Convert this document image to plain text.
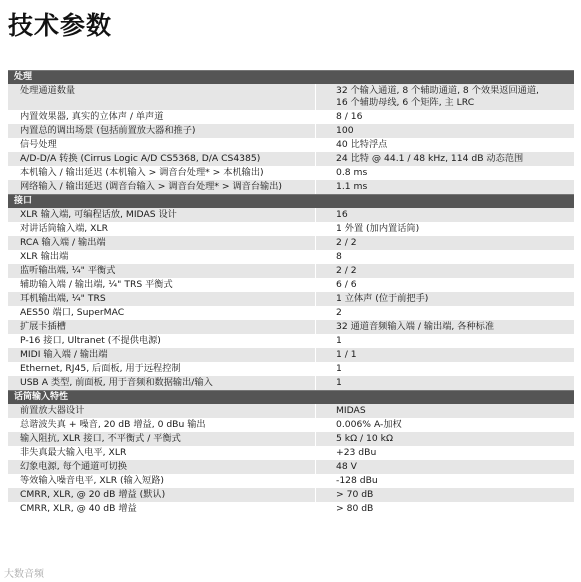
技术参数
处理
处理通道数量	32 个输入通道, 8 个辅助通道, 8 个效果返回通道,
16 个辅助母线, 6 个矩阵, 主 LRC
内置效果器, 真实的立体声 / 单声道	8 / 16
内置总的调出场景 (包括前置放大器和推子)	100
信号处理	40 比特浮点
A/D-D/A 转换 (Cirrus Logic A/D CS5368, D/A CS4385)	24 比特 @ 44.1 / 48 kHz, 114 dB 动态范围
本机输入 / 输出延迟 (本机输入 > 调音台处理* > 本机输出)	0.8 ms
网络输入 / 输出延迟 (调音台输入 > 调音台处理* > 调音台输出)	1.1 ms
接口
XLR 输入端, 可编程话放, MIDAS 设计	16
对讲话筒输入端, XLR	1 外置 (加内置话筒)
RCA 输入端 / 输出端	2 / 2
XLR 输出端	8
监听输出端, ¼" 平衡式	2 / 2
辅助输入端 / 输出端, ¼" TRS 平衡式	6 / 6
耳机输出端, ¼" TRS	1 立体声 (位于前把手)
AES50 端口, SuperMAC	2
扩展卡插槽	32 通道音频输入端 / 输出端, 各种标准
P-16 接口, Ultranet (不提供电源)	1
MIDI 输入端 / 输出端	1 / 1
Ethernet, RJ45, 后面板, 用于远程控制	1
USB A 类型, 前面板, 用于音频和数据输出/输入	1
话筒输入特性
前置放大器设计	MIDAS
总谐波失真 + 噪音, 20 dB 增益, 0 dBu 输出	0.006% A-加权
输入阻抗, XLR 接口, 不平衡式 / 平衡式	5 kΩ / 10 kΩ
非失真最大输入电平, XLR	+23 dBu
幻象电源, 每个通道可切换	48 V
等效输入噪音电平, XLR (输入短路)	-128 dBu
CMRR, XLR, @ 20 dB 增益 (默认)	> 70 dB
CMRR, XLR, @ 40 dB 增益	> 80 dB
大数音频
